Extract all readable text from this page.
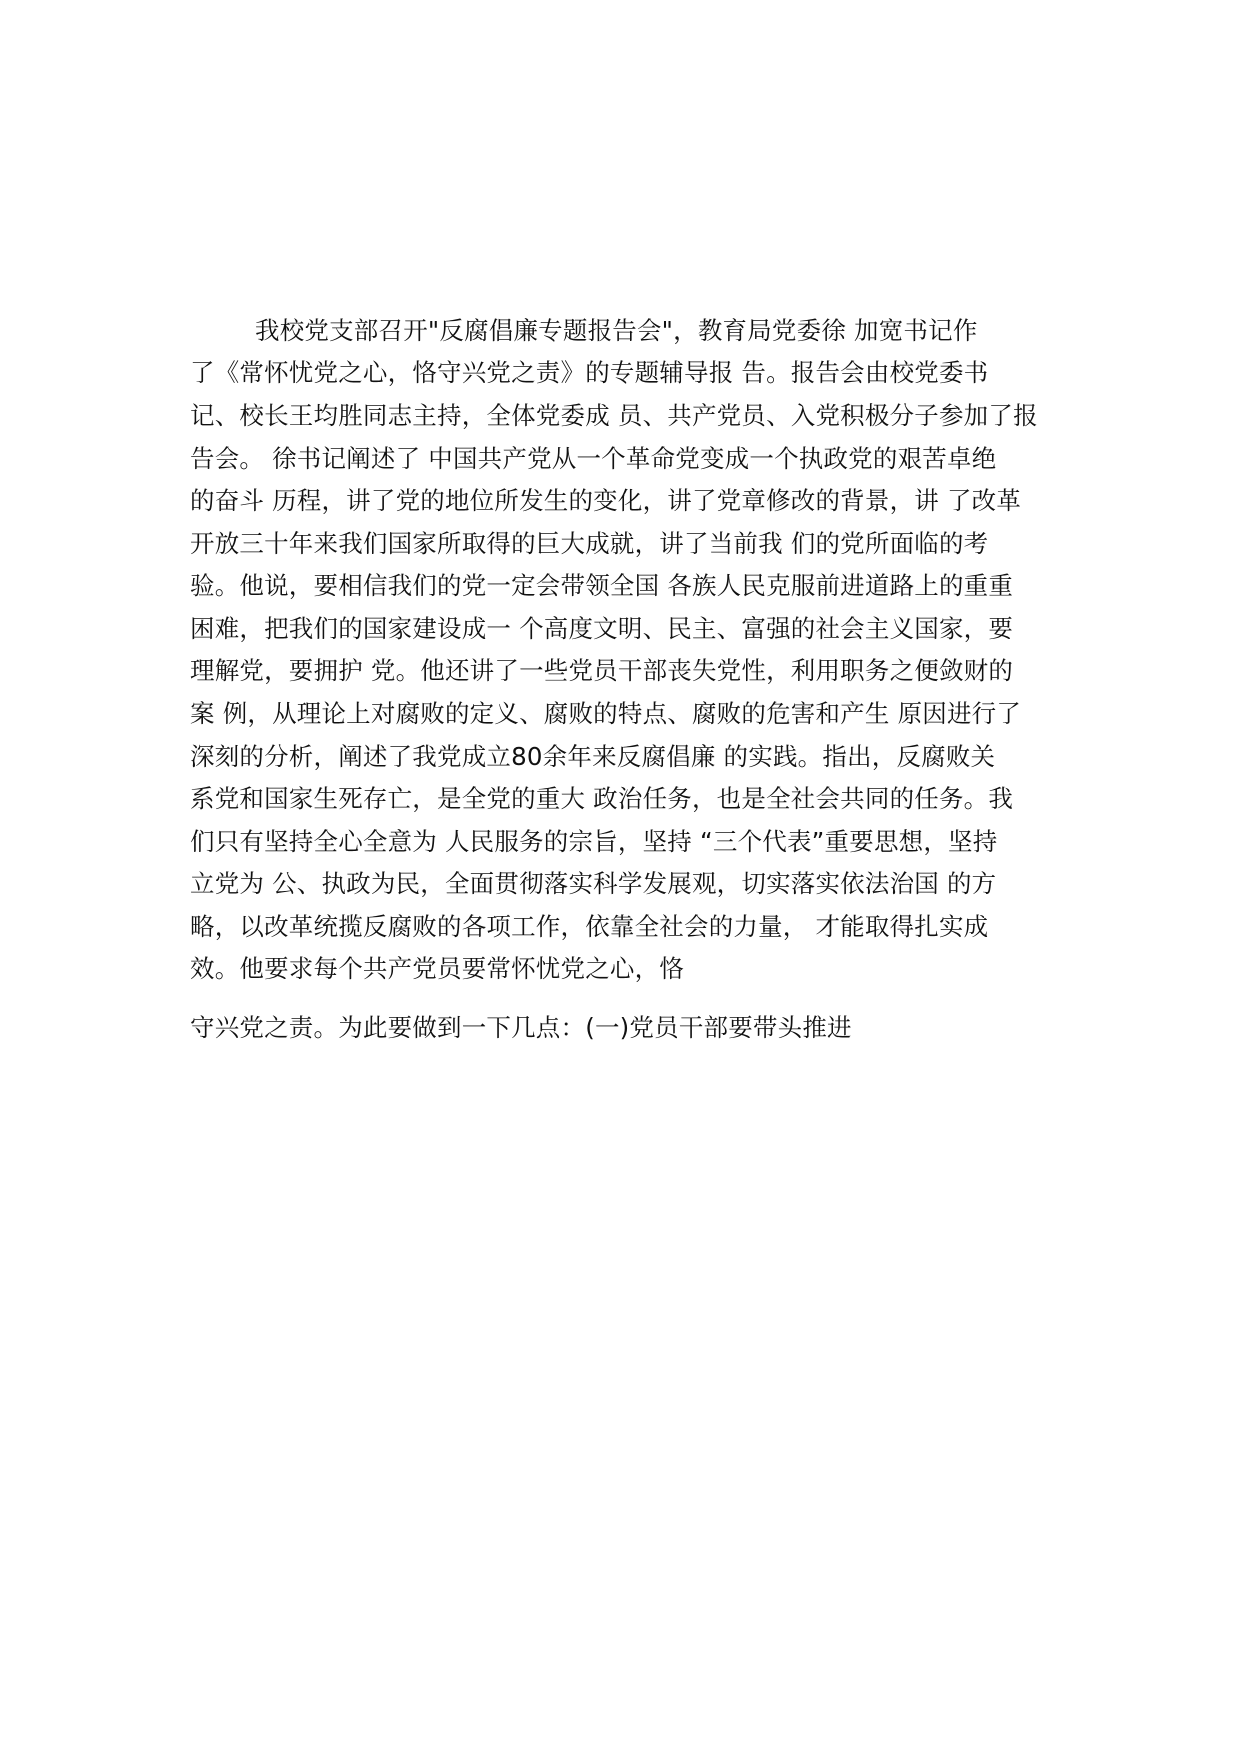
我校党支部召开"反腐倡廉专题报告会"，教育局党委徐 加宽书记作
了《常怀忧党之心，恪守兴党之责》的专题辅导报 告。报告会由校党委书
记、校长王均胜同志主持，全体党委成 员、共产党员、入党积极分子参加了报
告会。 徐书记阐述了 中国共产党从一个革命党变成一个执政党的艰苦卓绝
的奋斗 历程，讲了党的地位所发生的变化，讲了党章修改的背景，讲 了改革
开放三十年来我们国家所取得的巨大成就，讲了当前我 们的党所面临的考
验。他说，要相信我们的党一定会带领全国 各族人民克服前进道路上的重重
困难，把我们的国家建设成一 个高度文明、民主、富强的社会主义国家，要
理解党，要拥护 党。他还讲了一些党员干部丧失党性，利用职务之便敛财的
案 例，从理论上对腐败的定义、腐败的特点、腐败的危害和产生 原因进行了
深刻的分析，阐述了我党成立80余年来反腐倡廉 的实践。指出，反腐败关
系党和国家生死存亡，是全党的重大 政治任务，也是全社会共同的任务。我
们只有坚持全心全意为 人民服务的宗旨，坚持 “三个代表”重要思想，坚持
立党为 公、执政为民，全面贯彻落实科学发展观，切实落实依法治国 的方
略，以改革统揽反腐败的各项工作，依靠全社会的力量， 才能取得扎实成
效。他要求每个共产党员要常怀忧党之心，恪
守兴党之责。为此要做到一下几点：(一)党员干部要带头推进
